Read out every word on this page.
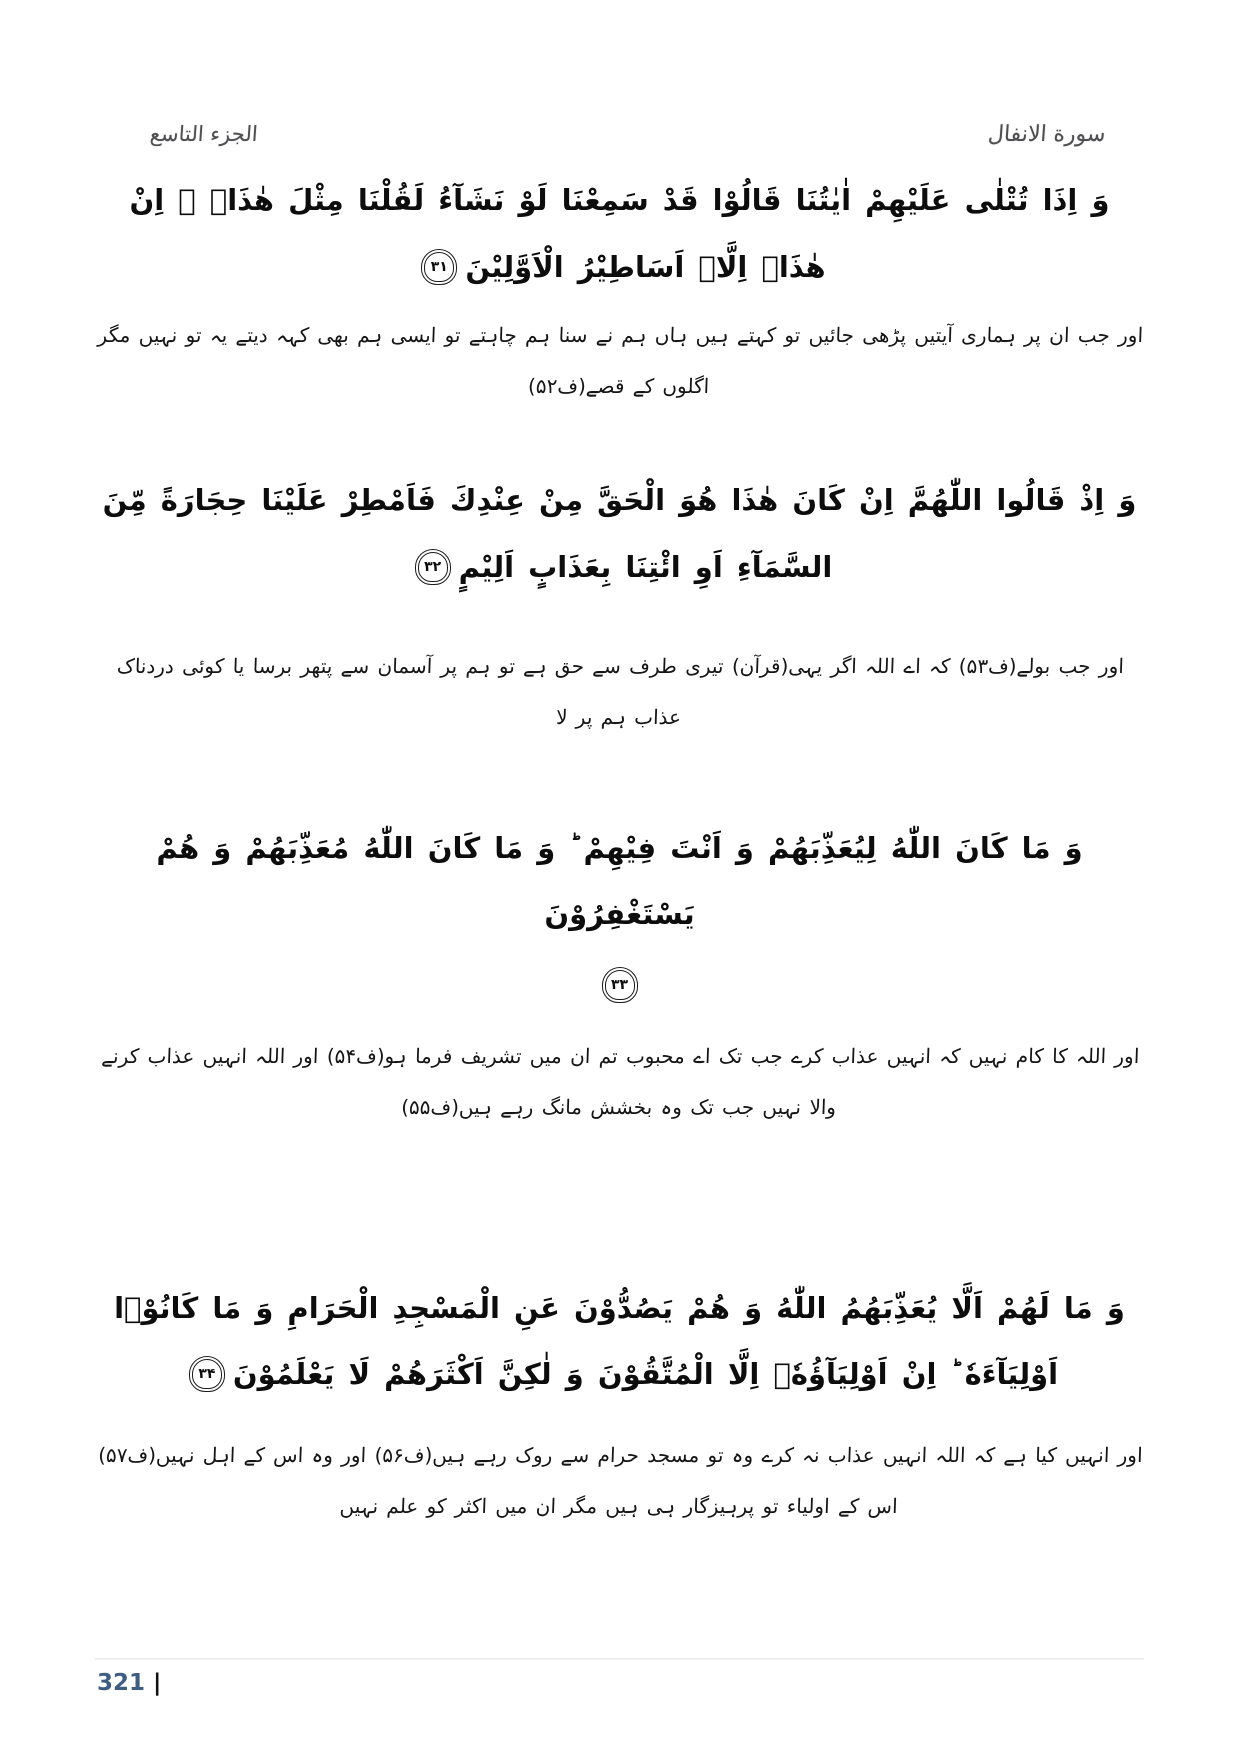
الجزء التاسع	سورة الانفال

وَ اِذَا تُتْلٰى عَلَيْهِمْ اٰيٰتُنَا قَالُوْا قَدْ سَمِعْنَا لَوْ نَشَآءُ لَقُلْنَا مِثْلَ هٰذَاۤ ۙ اِنْ هٰذَاۤ اِلَّاۤ اَسَاطِيْرُ الْاَوَّلِيْنَ
۳۱

اور جب ان پر ہماری آیتیں پڑھی جائیں تو کہتے ہیں ہاں ہم نے سنا ہم چاہتے تو ایسی ہم بھی کہہ دیتے یہ تو نہیں مگر اگلوں کے قصے(ف۵۲)

وَ اِذْ قَالُوا اللّٰهُمَّ اِنْ كَانَ هٰذَا هُوَ الْحَقَّ مِنْ عِنْدِكَ فَاَمْطِرْ عَلَيْنَا حِجَارَةً مِّنَ السَّمَآءِ اَوِ ائْتِنَا بِعَذَابٍ اَلِيْمٍ
۳۲

اور جب بولے(ف۵۳) کہ اے اللہ اگر یہی(قرآن) تیری طرف سے حق ہے تو ہم پر آسمان سے پتھر برسا یا کوئی دردناک عذاب ہم پر لا

وَ مَا كَانَ اللّٰهُ لِيُعَذِّبَهُمْ وَ اَنْتَ فِيْهِمْ ؕ وَ مَا كَانَ اللّٰهُ مُعَذِّبَهُمْ وَ هُمْ يَسْتَغْفِرُوْنَ

۳۳

اور اللہ کا کام نہیں کہ انہیں عذاب کرے جب تک اے محبوب تم ان میں تشریف فرما ہو(ف۵۴) اور اللہ انہیں عذاب کرنے والا نہیں جب تک وہ بخشش مانگ رہے ہیں(ف۵۵)

وَ مَا لَهُمْ اَلَّا يُعَذِّبَهُمُ اللّٰهُ وَ هُمْ يَصُدُّوْنَ عَنِ الْمَسْجِدِ الْحَرَامِ وَ مَا كَانُوْۤا اَوْلِيَآءَهٗ ؕ اِنْ اَوْلِيَآؤُهٗۤ اِلَّا الْمُتَّقُوْنَ وَ لٰكِنَّ اَكْثَرَهُمْ لَا يَعْلَمُوْنَ
۳۴

اور انہیں کیا ہے کہ اللہ انہیں عذاب نہ کرے وہ تو مسجد حرام سے روک رہے ہیں(ف۵۶) اور وہ اس کے اہل نہیں(ف۵۷) اس کے اولیاء تو پرہیزگار ہی ہیں مگر ان میں اکثر کو علم نہیں

321 |
